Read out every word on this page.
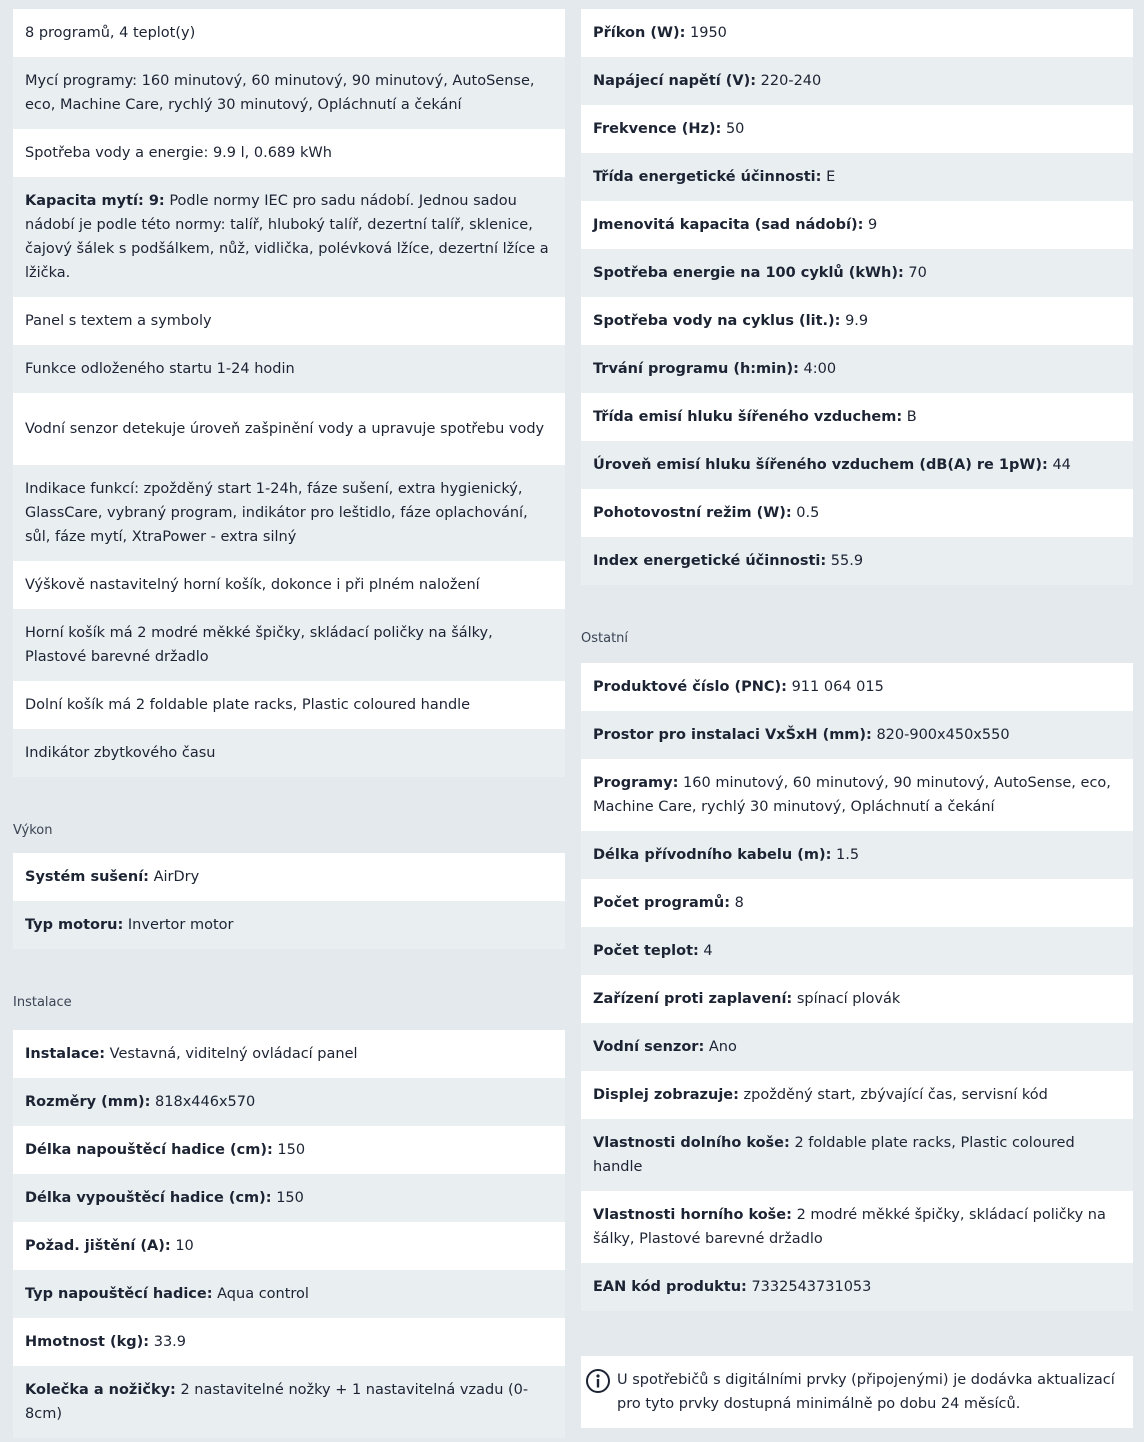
8 programů, 4 teplot(y)
Mycí programy: 160 minutový, 60 minutový, 90 minutový, AutoSense, eco, Machine Care, rychlý 30 minutový, Opláchnutí a čekání
Spotřeba vody a energie: 9.9 l, 0.689 kWh
Kapacita mytí: 9: Podle normy IEC pro sadu nádobí. Jednou sadou nádobí je podle této normy: talíř, hluboký talíř, dezertní talíř, sklenice, čajový šálek s podšálkem, nůž, vidlička, polévková lžíce, dezertní lžíce a lžička.
Panel s textem a symboly
Funkce odloženého startu 1-24 hodin
Vodní senzor detekuje úroveň zašpinění vody a upravuje spotřebu vody
Indikace funkcí: zpožděný start 1-24h, fáze sušení, extra hygienický, GlassCare, vybraný program, indikátor pro leštidlo, fáze oplachování, sůl, fáze mytí, XtraPower - extra silný
Výškově nastavitelný horní košík, dokonce i při plném naložení
Horní košík má 2 modré měkké špičky, skládací poličky na šálky, Plastové barevné držadlo
Dolní košík má 2 foldable plate racks, Plastic coloured handle
Indikátor zbytkového času
Výkon
Systém sušení: AirDry
Typ motoru: Invertor motor
Instalace
Instalace: Vestavná, viditelný ovládací panel
Rozměry (mm): 818x446x570
Délka napouštěcí hadice (cm): 150
Délka vypouštěcí hadice (cm): 150
Požad. jištění (A): 10
Typ napouštěcí hadice: Aqua control
Hmotnost (kg): 33.9
Kolečka a nožičky: 2 nastavitelné nožky + 1 nastavitelná vzadu (0-8cm)
Příkon (W): 1950
Napájecí napětí (V): 220-240
Frekvence (Hz): 50
Třída energetické účinnosti: E
Jmenovitá kapacita (sad nádobí): 9
Spotřeba energie na 100 cyklů (kWh): 70
Spotřeba vody na cyklus (lit.): 9.9
Trvání programu (h:min): 4:00
Třída emisí hluku šířeného vzduchem: B
Úroveň emisí hluku šířeného vzduchem (dB(A) re 1pW): 44
Pohotovostní režim (W): 0.5
Index energetické účinnosti: 55.9
Ostatní
Produktové číslo (PNC): 911 064 015
Prostor pro instalaci VxŠxH (mm): 820-900x450x550
Programy: 160 minutový, 60 minutový, 90 minutový, AutoSense, eco, Machine Care, rychlý 30 minutový, Opláchnutí a čekání
Délka přívodního kabelu (m): 1.5
Počet programů: 8
Počet teplot: 4
Zařízení proti zaplavení: spínací plovák
Vodní senzor: Ano
Displej zobrazuje: zpožděný start, zbývající čas, servisní kód
Vlastnosti dolního koše: 2 foldable plate racks, Plastic coloured handle
Vlastnosti horního koše: 2 modré měkké špičky, skládací poličky na šálky, Plastové barevné držadlo
EAN kód produktu: 7332543731053
U spotřebičů s digitálními prvky (připojenými) je dodávka aktualizací pro tyto prvky dostupná minimálně po dobu 24 měsíců.
